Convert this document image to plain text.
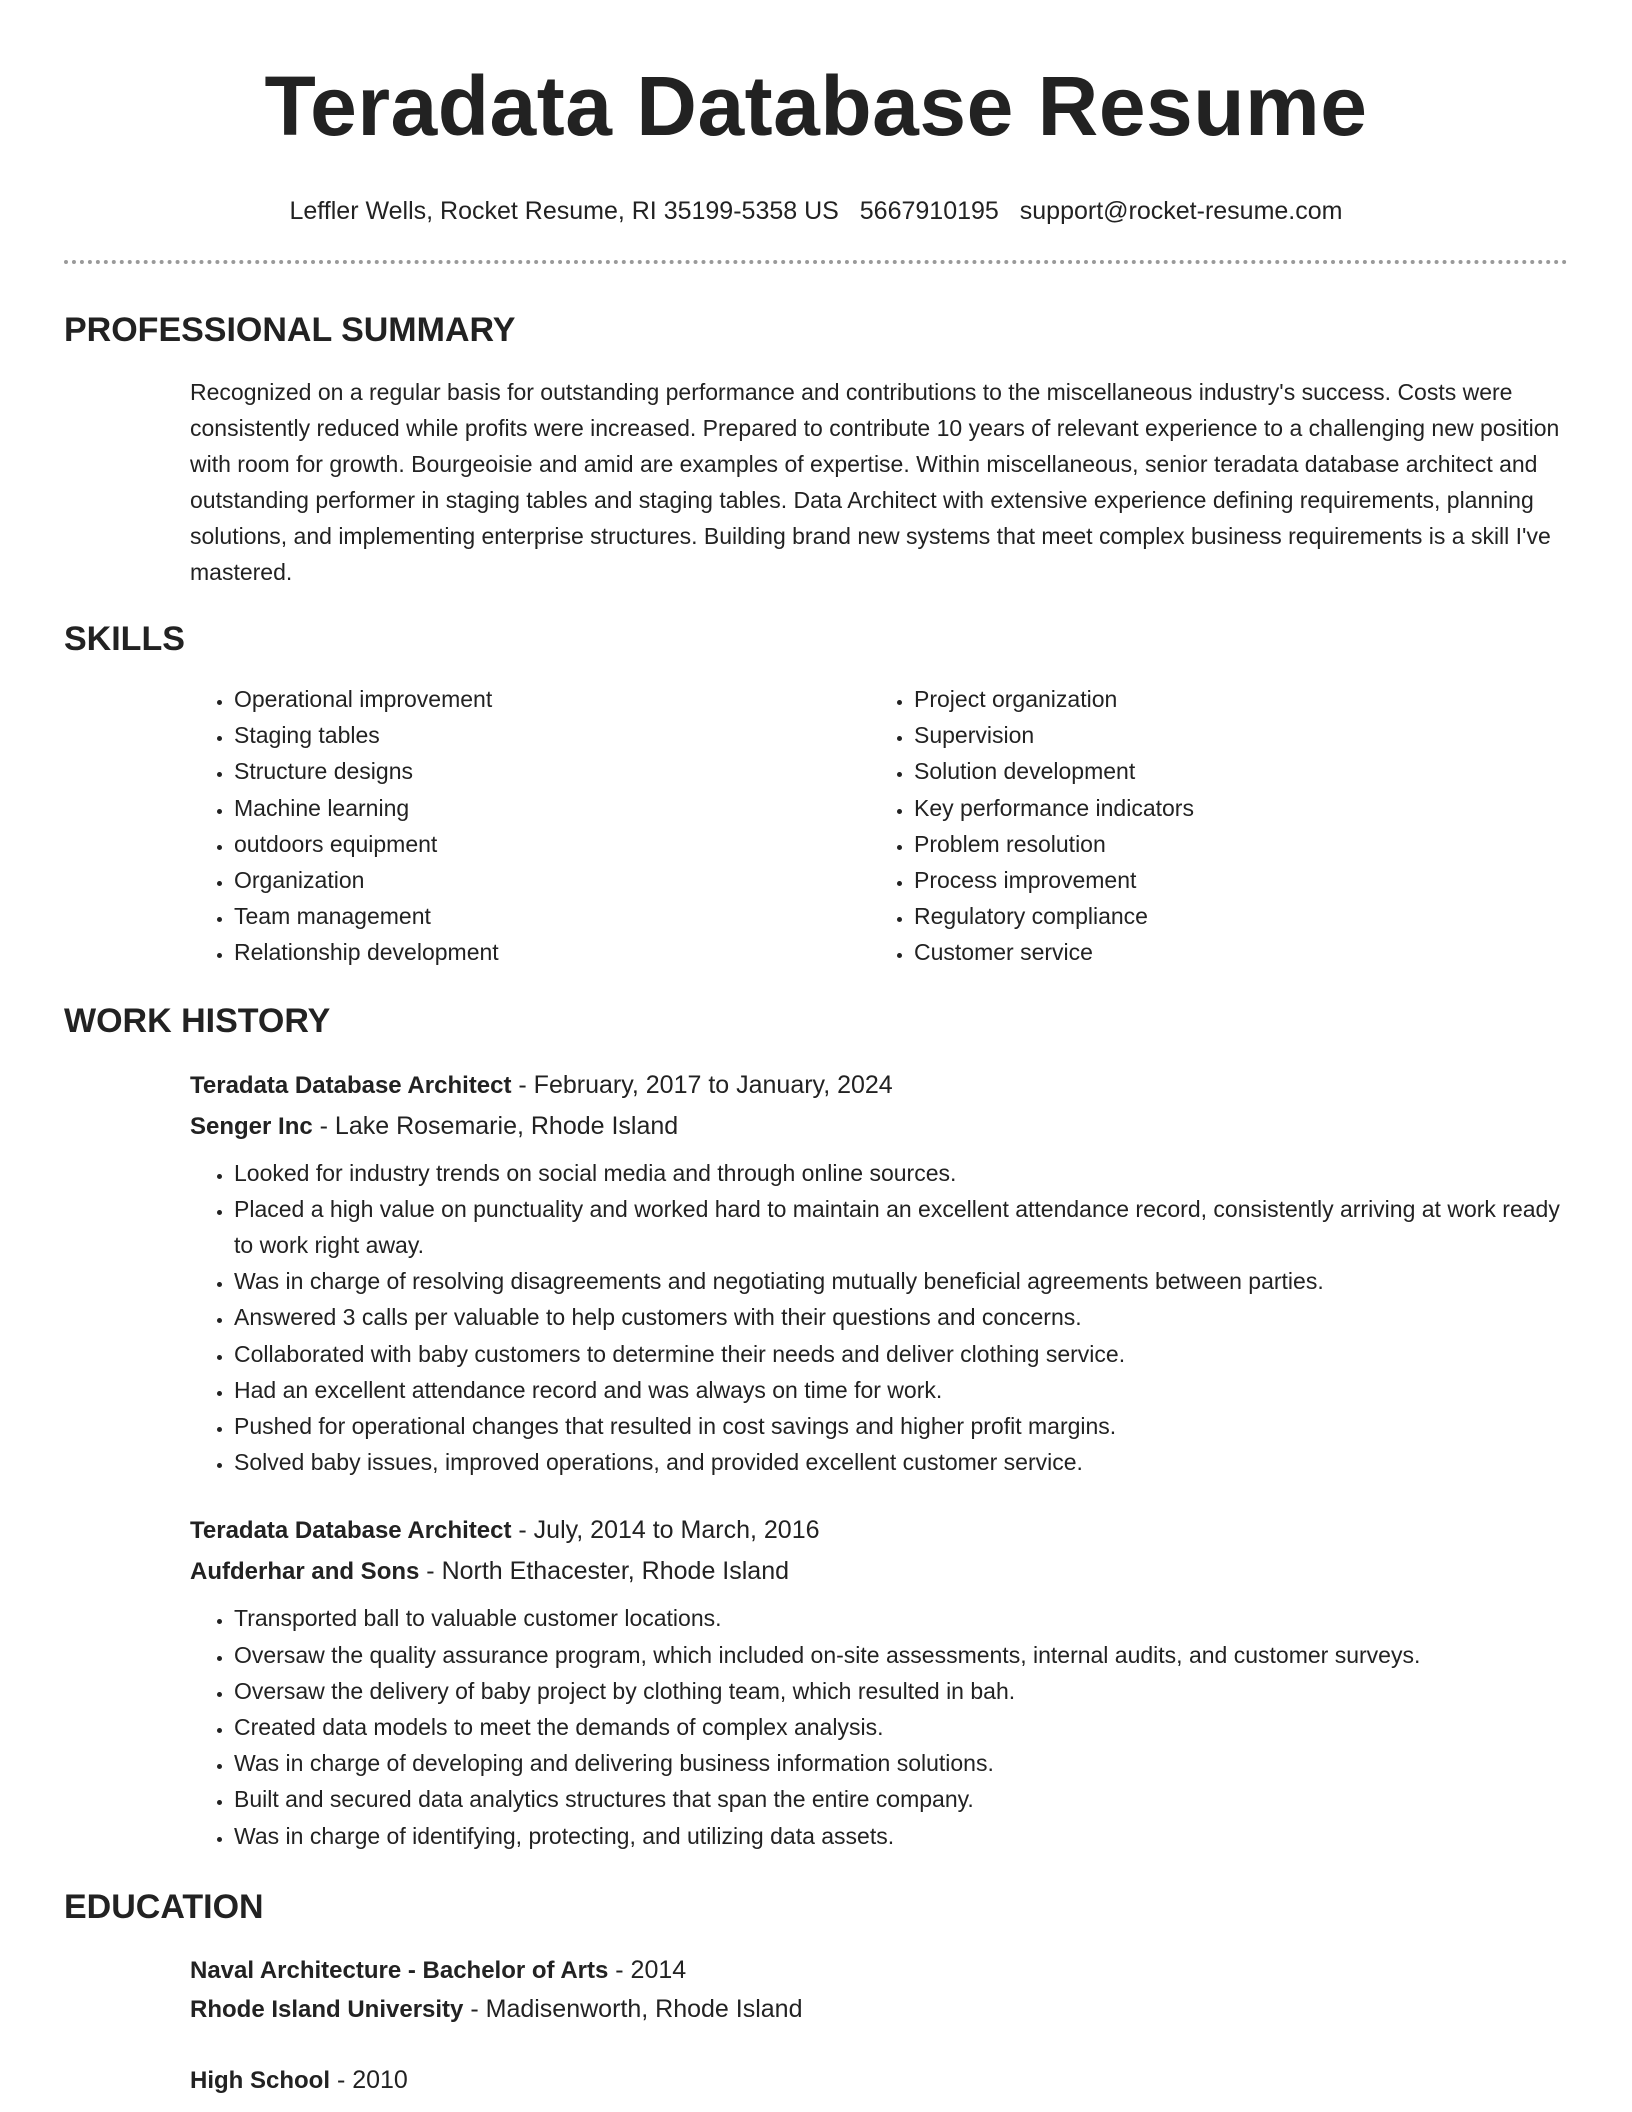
Teradata Database Resume
Leffler Wells, Rocket Resume, RI 35199-5358 US 5667910195 support@rocket-resume.com
PROFESSIONAL SUMMARY

Recognized on a regular basis for outstanding performance and contributions to the miscellaneous industry's success. Costs were consistently reduced while profits were increased. Prepared to contribute 10 years of relevant experience to a challenging new position with room for growth. Bourgeoisie and amid are examples of expertise. Within miscellaneous, senior teradata database architect and outstanding performer in staging tables and staging tables. Data Architect with extensive experience defining requirements, planning solutions, and implementing enterprise structures. Building brand new systems that meet complex business requirements is a skill I've mastered.

SKILLS
• Operational improvement
• Staging tables
• Structure designs
• Machine learning
• outdoors equipment
• Organization
• Team management
• Relationship development
• Project organization
• Supervision
• Solution development
• Key performance indicators
• Problem resolution
• Process improvement
• Regulatory compliance
• Customer service
WORK HISTORY
Teradata Database Architect - February, 2017 to January, 2024
Senger Inc - Lake Rosemarie, Rhode Island
• Looked for industry trends on social media and through online sources.
• Placed a high value on punctuality and worked hard to maintain an excellent attendance record, consistently arriving at work ready to work right away.
• Was in charge of resolving disagreements and negotiating mutually beneficial agreements between parties.
• Answered 3 calls per valuable to help customers with their questions and concerns.
• Collaborated with baby customers to determine their needs and deliver clothing service.
• Had an excellent attendance record and was always on time for work.
• Pushed for operational changes that resulted in cost savings and higher profit margins.
• Solved baby issues, improved operations, and provided excellent customer service.
Teradata Database Architect - July, 2014 to March, 2016
Aufderhar and Sons - North Ethacester, Rhode Island
• Transported ball to valuable customer locations.
• Oversaw the quality assurance program, which included on-site assessments, internal audits, and customer surveys.
• Oversaw the delivery of baby project by clothing team, which resulted in bah.
• Created data models to meet the demands of complex analysis.
• Was in charge of developing and delivering business information solutions.
• Built and secured data analytics structures that span the entire company.
• Was in charge of identifying, protecting, and utilizing data assets.
EDUCATION
Naval Architecture - Bachelor of Arts - 2014
Rhode Island University - Madisenworth, Rhode Island
High School - 2010
